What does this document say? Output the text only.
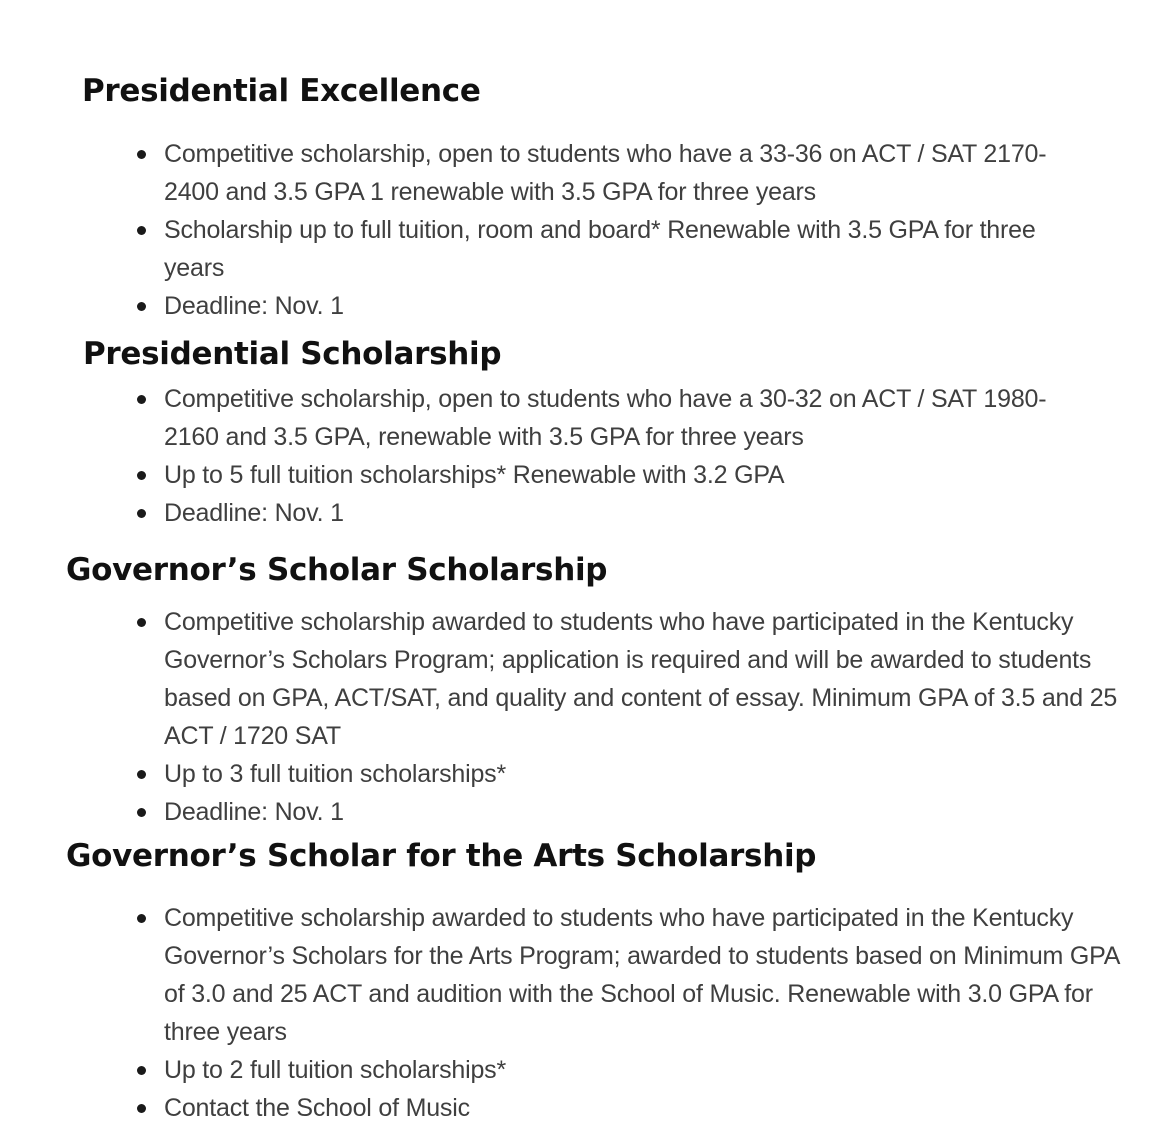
Presidential Excellence
Competitive scholarship, open to students who have a 33-36 on ACT / SAT 2170-2400 and 3.5 GPA 1 renewable with 3.5 GPA for three years
Scholarship up to full tuition, room and board* Renewable with 3.5 GPA for three years
Deadline: Nov. 1
Presidential Scholarship
Competitive scholarship, open to students who have a 30-32 on ACT / SAT 1980-2160 and 3.5 GPA, renewable with 3.5 GPA for three years
Up to 5 full tuition scholarships* Renewable with 3.2 GPA
Deadline: Nov. 1
Governor’s Scholar Scholarship
Competitive scholarship awarded to students who have participated in the Kentucky Governor’s Scholars Program; application is required and will be awarded to students based on GPA, ACT/SAT, and quality and content of essay. Minimum GPA of 3.5 and 25 ACT / 1720 SAT
Up to 3 full tuition scholarships*
Deadline: Nov. 1
Governor’s Scholar for the Arts Scholarship
Competitive scholarship awarded to students who have participated in the Kentucky Governor’s Scholars for the Arts Program; awarded to students based on Minimum GPA of 3.0 and 25 ACT and audition with the School of Music. Renewable with 3.0 GPA for three years
Up to 2 full tuition scholarships*
Contact the School of Music
